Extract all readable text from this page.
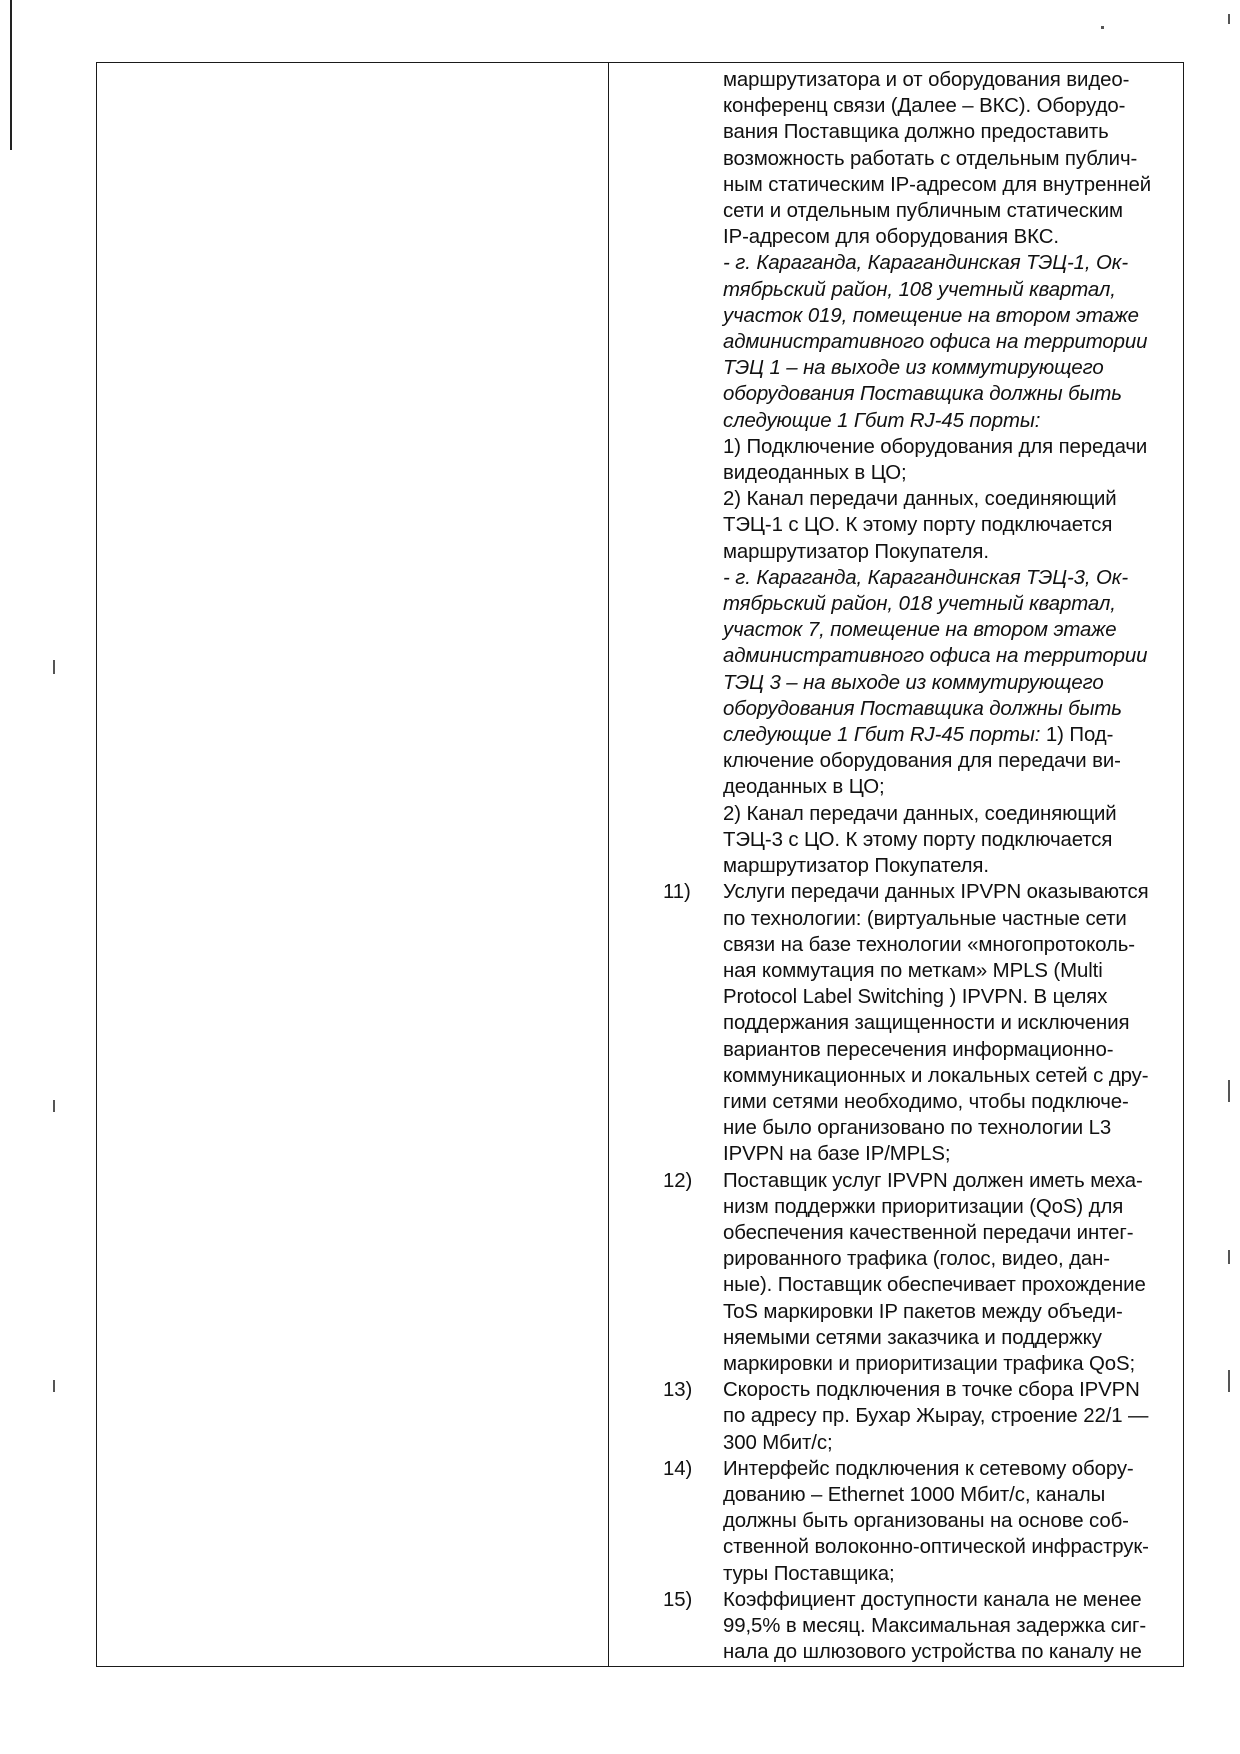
маршрутизатора и от оборудования видео-
конференц связи (Далее – ВКС). Оборудо-
вания Поставщика должно предоставить
возможность работать с отдельным публич-
ным статическим IP-адресом для внутренней
сети и отдельным публичным статическим
IP-адресом для оборудования ВКС.
- г. Караганда, Карагандинская ТЭЦ-1, Ок-
тябрьский район, 108 учетный квартал,
участок 019, помещение на втором этаже
административного офиса на территории
ТЭЦ 1 – на выходе из коммутирующего
оборудования Поставщика должны быть
следующие 1 Гбит RJ-45 порты:
1) Подключение оборудования для передачи
видеоданных в ЦО;
2) Канал передачи данных, соединяющий
ТЭЦ-1 с ЦО. К этому порту подключается
маршрутизатор Покупателя.
- г. Караганда, Карагандинская ТЭЦ-3, Ок-
тябрьский район, 018 учетный квартал,
участок 7, помещение на втором этаже
административного офиса на территории
ТЭЦ 3 – на выходе из коммутирующего
оборудования Поставщика должны быть
следующие 1 Гбит RJ-45 порты: 1) Под-
ключение оборудования для передачи ви-
деоданных в ЦО;
2) Канал передачи данных, соединяющий
ТЭЦ-3 с ЦО. К этому порту подключается
маршрутизатор Покупателя.
11) Услуги передачи данных IPVPN оказываются
по технологии: (виртуальные частные сети
связи на базе технологии «многопротоколь-
ная коммутация по меткам» MPLS (Multi
Protocol Label Switching ) IPVPN. В целях
поддержания защищенности и исключения
вариантов пересечения информационно-
коммуникационных и локальных сетей с дру-
гими сетями необходимо, чтобы подключе-
ние было организовано по технологии L3
IPVPN на базе IP/MPLS;
12) Поставщик услуг IPVPN должен иметь меха-
низм поддержки приоритизации (QoS) для
обеспечения качественной передачи интег-
рированного трафика (голос, видео, дан-
ные). Поставщик обеспечивает прохождение
ToS маркировки IP пакетов между объеди-
няемыми сетями заказчика и поддержку
маркировки и приоритизации трафика QoS;
13) Скорость подключения в точке сбора IPVPN
по адресу пр. Бухар Жырау, строение 22/1 —
300 Мбит/с;
14) Интерфейс подключения к сетевому обору-
дованию – Ethernet 1000 Мбит/с, каналы
должны быть организованы на основе соб-
ственной волоконно-оптической инфраструк-
туры Поставщика;
15) Коэффициент доступности канала не менее
99,5% в месяц. Максимальная задержка сиг-
нала до шлюзового устройства по каналу не
